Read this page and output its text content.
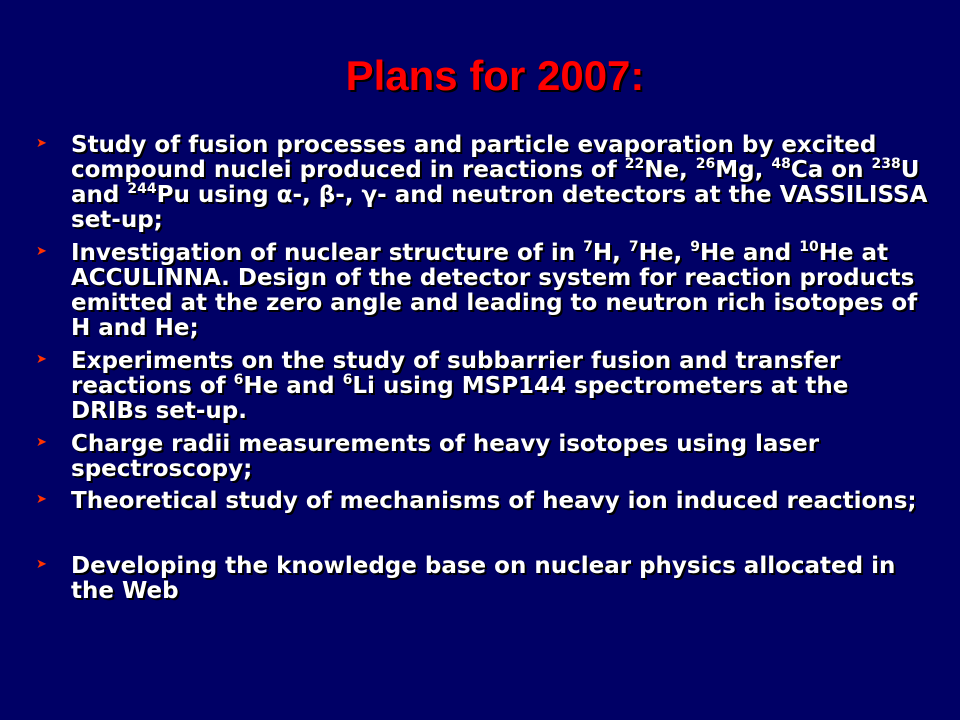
Plans for 2007:
➤ Study of fusion processes and particle evaporation by excited compound nuclei produced in reactions of $^{22}$Ne, $^{26}$Mg, $^{48}$Ca on $^{238}$U and $^{244}$Pu using α-, β-, γ- and neutron detectors at the VASSILISSA set-up;
➤ Investigation of nuclear structure of in $^7$H, $^7$He, $^9$He and $^{10}$He at ACCULINNA. Design of the detector system for reaction products emitted at the zero angle and leading to neutron rich isotopes of H and He;
➤ Experiments on the study of subbarrier fusion and transfer reactions of $^6$He and $^6$Li using MSP144 spectrometers at the DRIBs set-up.
➤ Charge radii measurements of heavy isotopes using laser spectroscopy;
➤ Theoretical study of mechanisms of heavy ion induced reactions;
➤ Developing the knowledge base on nuclear physics allocated in the Web
